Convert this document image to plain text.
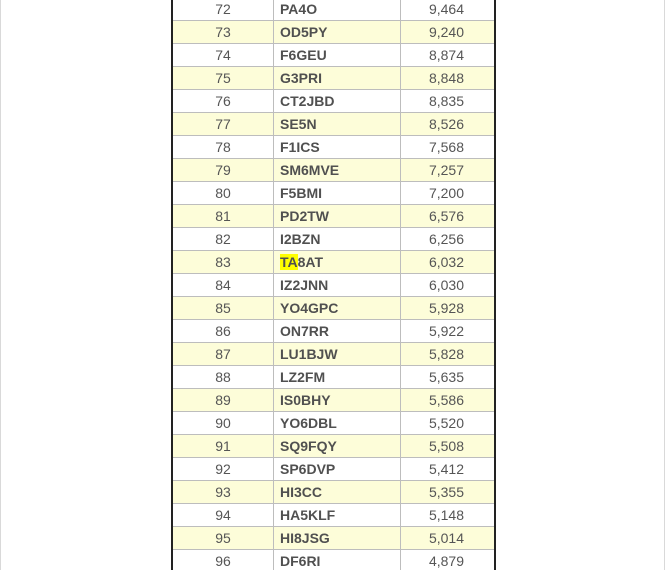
72	PA4O	9,464
73	OD5PY	9,240
74	F6GEU	8,874
75	G3PRI	8,848
76	CT2JBD	8,835
77	SE5N	8,526
78	F1ICS	7,568
79	SM6MVE	7,257
80	F5BMI	7,200
81	PD2TW	6,576
82	I2BZN	6,256
83	TA8AT	6,032
84	IZ2JNN	6,030
85	YO4GPC	5,928
86	ON7RR	5,922
87	LU1BJW	5,828
88	LZ2FM	5,635
89	IS0BHY	5,586
90	YO6DBL	5,520
91	SQ9FQY	5,508
92	SP6DVP	5,412
93	HI3CC	5,355
94	HA5KLF	5,148
95	HI8JSG	5,014
96	DF6RI	4,879
